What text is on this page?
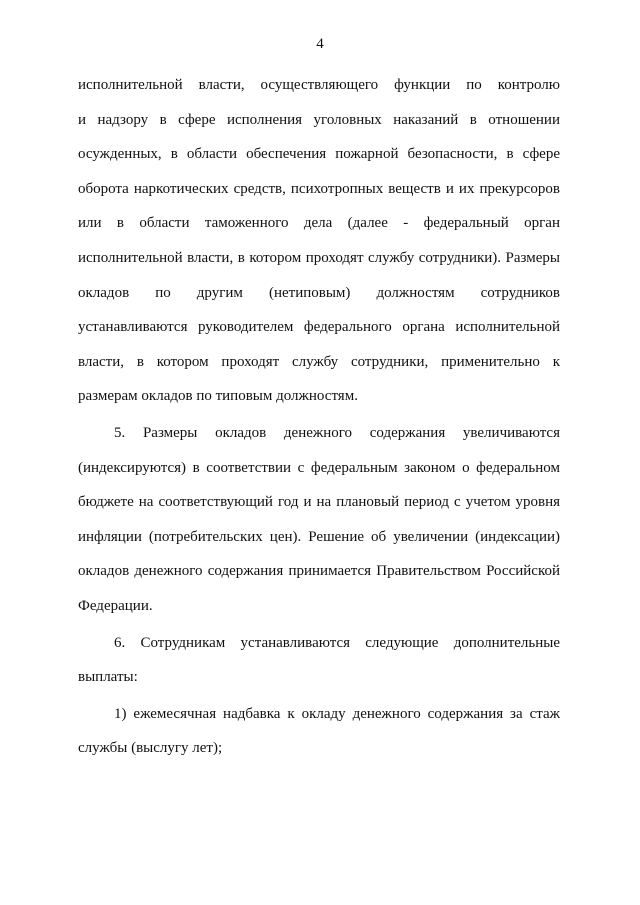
4
исполнительной власти, осуществляющего функции по контролю
и надзору в сфере исполнения уголовных наказаний в отношении
осужденных, в области обеспечения пожарной безопасности, в сфере
оборота наркотических средств, психотропных веществ и их прекурсоров
или в области таможенного дела (далее - федеральный орган
исполнительной власти, в котором проходят службу сотрудники). Размеры
окладов по другим (нетиповым) должностям сотрудников
устанавливаются руководителем федерального органа исполнительной
власти, в котором проходят службу сотрудники, применительно к
размерам окладов по типовым должностям.
5. Размеры окладов денежного содержания увеличиваются
(индексируются) в соответствии с федеральным законом о федеральном
бюджете на соответствующий год и на плановый период с учетом уровня
инфляции (потребительских цен). Решение об увеличении (индексации)
окладов денежного содержания принимается Правительством Российской
Федерации.
6. Сотрудникам устанавливаются следующие дополнительные
выплаты:
1) ежемесячная надбавка к окладу денежного содержания за стаж
службы (выслугу лет);
